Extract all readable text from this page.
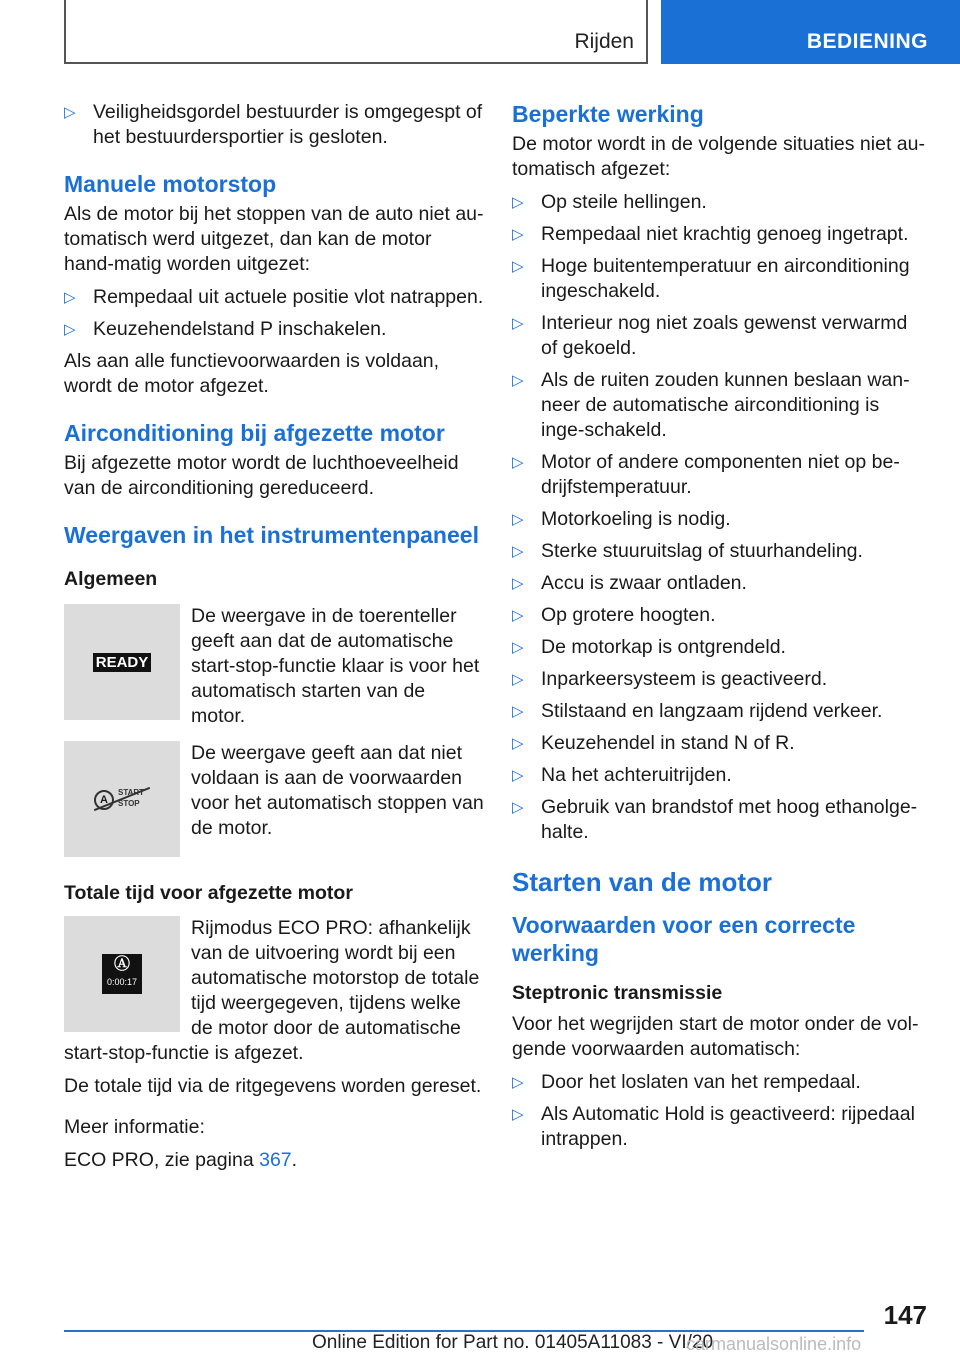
Rijden	BEDIENING
▷ Veiligheidsgordel bestuurder is omgegespt of het bestuurdersportier is gesloten.
Manuele motorstop

Als de motor bij het stoppen van de auto niet au-tomatisch werd uitgezet, dan kan de motor hand-matig worden uitgezet:

▷ Rempedaal uit actuele positie vlot natrappen.
▷ Keuzehendelstand P inschakelen.

Als aan alle functievoorwaarden is voldaan, wordt de motor afgezet.

Airconditioning bij afgezette motor

Bij afgezette motor wordt de luchthoeveelheid van de airconditioning gereduceerd.

Weergaven in het instrumentenpaneel
Algemeen
READY
De weergave in de toerenteller geeft aan dat de automatische start-stop-functie klaar is voor het automatisch starten van de motor.
A
START
STOP
De weergave geeft aan dat niet voldaan is aan de voorwaarden voor het automatisch stoppen van de motor.
Totale tijd voor afgezette motor
Ⓐ
0:00:17

Rijmodus ECO PRO: afhankelijk van de uitvoering wordt bij een automatische motorstop de totale tijd weergegeven, tijdens welke de motor door de automatische start-stop-functie is afgezet.

De totale tijd via de ritgegevens worden gereset.

Meer informatie:

ECO PRO, zie pagina 367.

Beperkte werking

De motor wordt in de volgende situaties niet au-tomatisch afgezet:

▷ Op steile hellingen.
▷ Rempedaal niet krachtig genoeg ingetrapt.
▷ Hoge buitentemperatuur en airconditioning ingeschakeld.
▷ Interieur nog niet zoals gewenst verwarmd of gekoeld.
▷ Als de ruiten zouden kunnen beslaan wan-neer de automatische airconditioning is inge-schakeld.
▷ Motor of andere componenten niet op be-drijfstemperatuur.
▷ Motorkoeling is nodig.
▷ Sterke stuuruitslag of stuurhandeling.
▷ Accu is zwaar ontladen.
▷ Op grotere hoogten.
▷ De motorkap is ontgrendeld.
▷ Inparkeersysteem is geactiveerd.
▷ Stilstaand en langzaam rijdend verkeer.
▷ Keuzehendel in stand N of R.
▷ Na het achteruitrijden.
▷ Gebruik van brandstof met hoog ethanolge-halte.
Starten van de motor
Voorwaarden voor een correcte werking
Steptronic transmissie

Voor het wegrijden start de motor onder de vol-gende voorwaarden automatisch:

▷ Door het loslaten van het rempedaal.
▷ Als Automatic Hold is geactiveerd: rijpedaal intrappen.
147
Online Edition for Part no. 01405A11083 - VI/20
carmanualsonline.info
